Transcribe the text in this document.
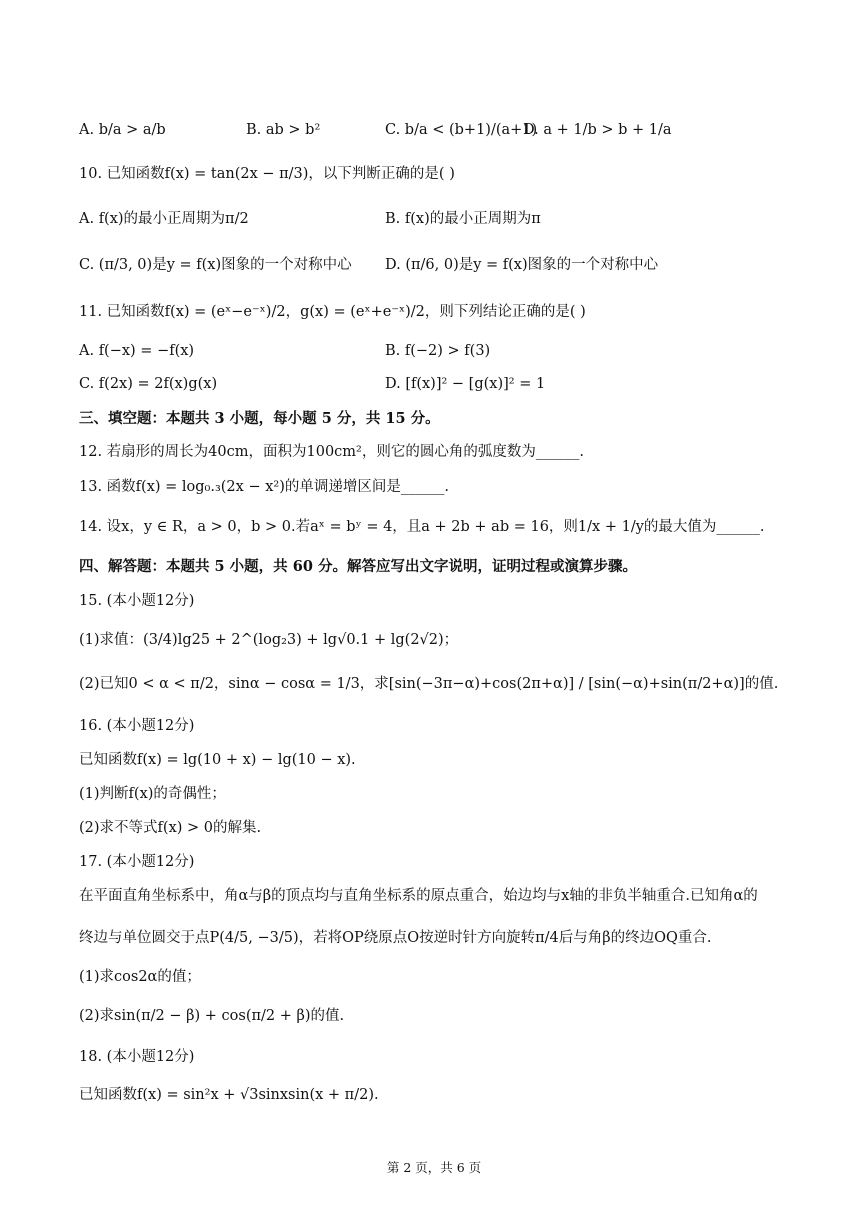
A. b/a > a/b	B. ab > b²	C. b/a < (b+1)/(a+1)
D. a + 1/b > b + 1/a
10. 已知函数f(x) = tan(2x − π/3)，以下判断正确的是( )
A. f(x)的最小正周期为π/2	B. f(x)的最小正周期为π
C. (π/3, 0)是y = f(x)图象的一个对称中心 D. (π/6, 0)是y = f(x)图象的一个对称中心
11. 已知函数f(x) = (eˣ−e⁻ˣ)/2，g(x) = (eˣ+e⁻ˣ)/2，则下列结论正确的是( )
A. f(−x) = −f(x)	B. f(−2) > f(3)
C. f(2x) = 2f(x)g(x)	D. [f(x)]² − [g(x)]² = 1
三、填空题：本题共 3 小题，每小题 5 分，共 15 分。
12. 若扇形的周长为40cm，面积为100cm²，则它的圆心角的弧度数为______.
13. 函数f(x) = log₀.₃(2x − x²)的单调递增区间是______.
14. 设x，y ∈ R，a > 0，b > 0.若aˣ = bʸ = 4，且a + 2b + ab = 16，则1/x + 1/y的最大值为______.
四、解答题：本题共 5 小题，共 60 分。解答应写出文字说明，证明过程或演算步骤。
15. (本小题12分)
(1)求值：(3/4)lg25 + 2^(log₂3) + lg√0.1 + lg(2√2)；
(2)已知0 < α < π/2，sinα − cosα = 1/3，求[sin(−3π−α)+cos(2π+α)] / [sin(−α)+sin(π/2+α)]的值.
16. (本小题12分)
已知函数f(x) = lg(10 + x) − lg(10 − x).
(1)判断f(x)的奇偶性；
(2)求不等式f(x) > 0的解集.
17. (本小题12分)
在平面直角坐标系中，角α与β的顶点均与直角坐标系的原点重合，始边均与x轴的非负半轴重合.已知角α的
终边与单位圆交于点P(4/5, −3/5)，若将OP绕原点O按逆时针方向旋转π/4后与角β的终边OQ重合.
(1)求cos2α的值；
(2)求sin(π/2 − β) + cos(π/2 + β)的值.
18. (本小题12分)
已知函数f(x) = sin²x + √3sinxsin(x + π/2).
第 2 页，共 6 页
